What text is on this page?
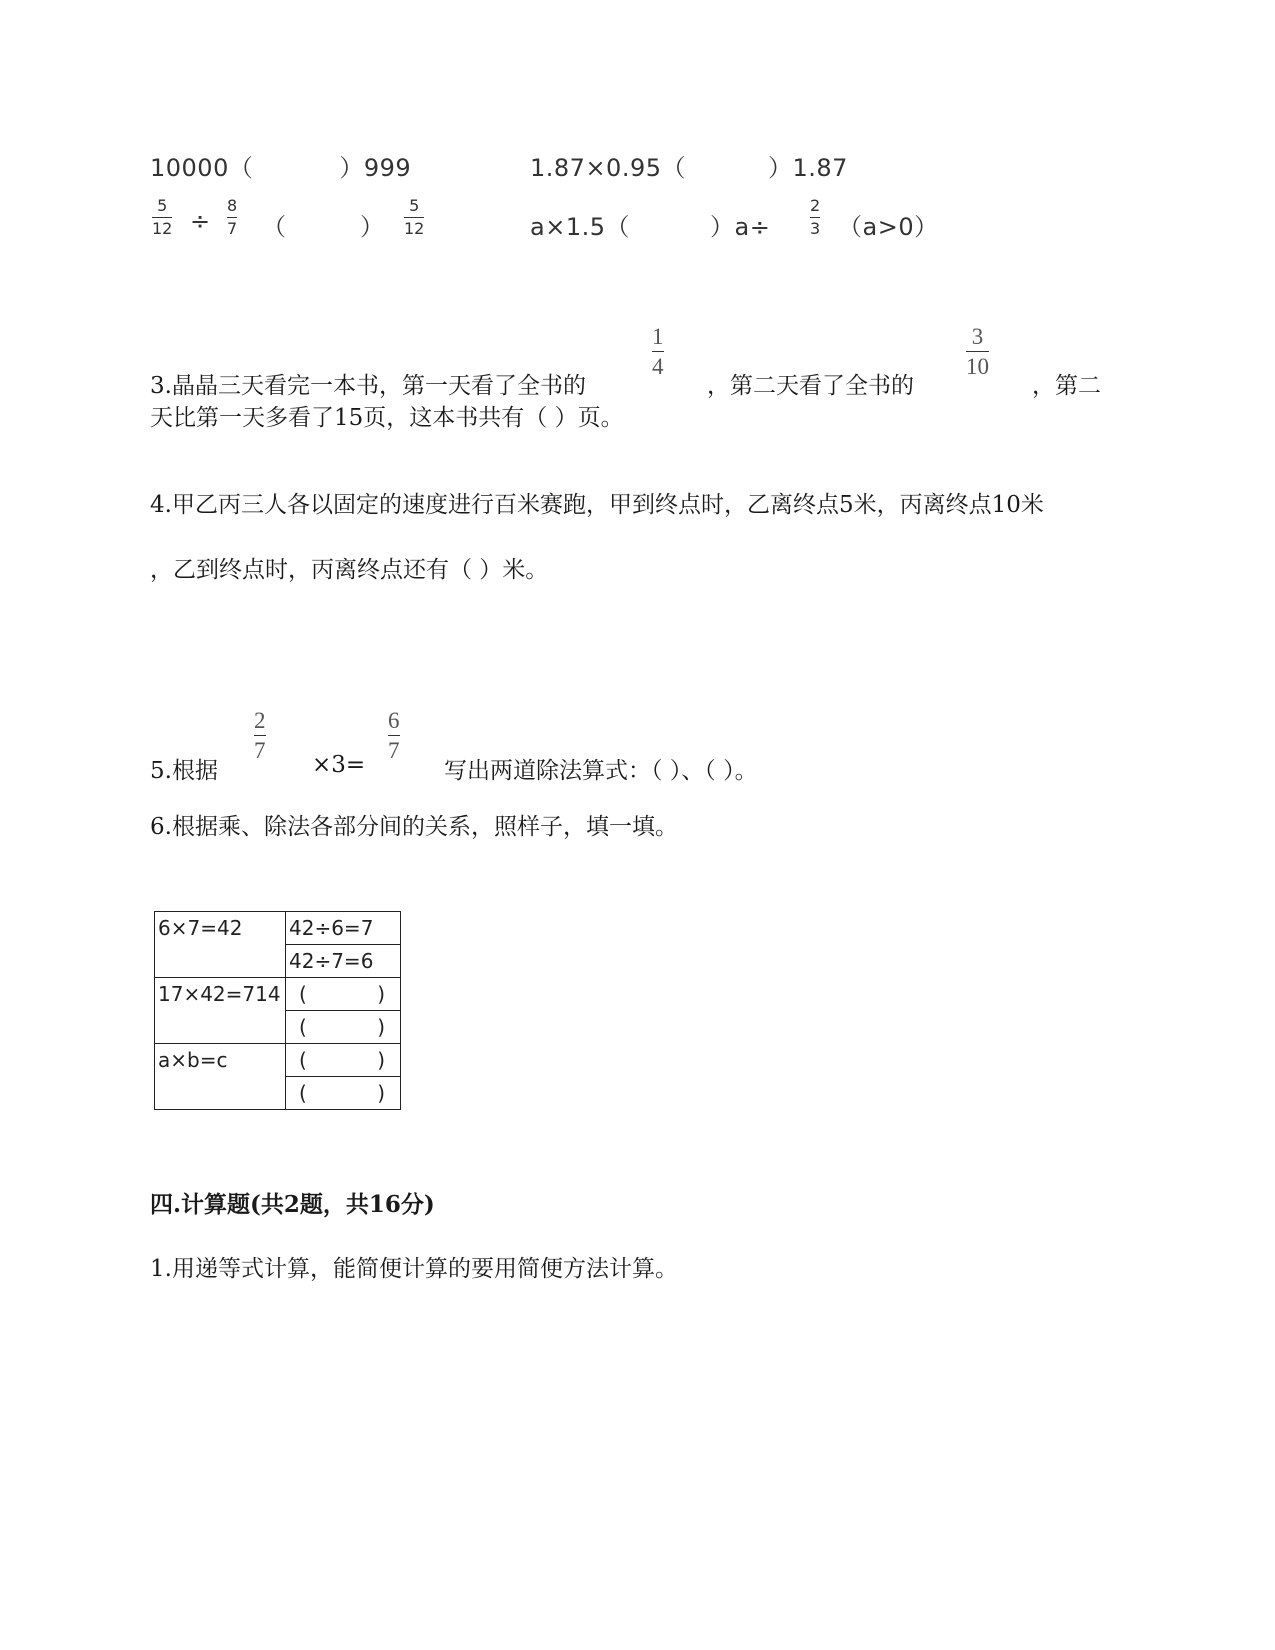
10000（	）999	1.87×0.95（	）1.87
5
12 ÷
8
7 （	）
5
12	a×1.5（	）a÷
2
3 （a>0）
3.晶晶三天看完一本书，第一天看了全书的
1
4
，第二天看了全书的
3
10
，第二
天比第一天多看了15页，这本书共有（ ）页。
4.甲乙丙三人各以固定的速度进行百米赛跑，甲到终点时，乙离终点5米，丙离终点10米
，乙到终点时，丙离终点还有（ ）米。
5.根据
2
7
×3=
6
7
写出两道除法算式：（ ）、（ ）。
6.根据乘、除法各部分间的关系，照样子，填一填。
6×7=42	42÷6=7
	42÷7=6
17×42=714	( )

	( )

a×b=c	( )

	( )
四.计算题(共2题，共16分)
1.用递等式计算，能简便计算的要用简便方法计算。
